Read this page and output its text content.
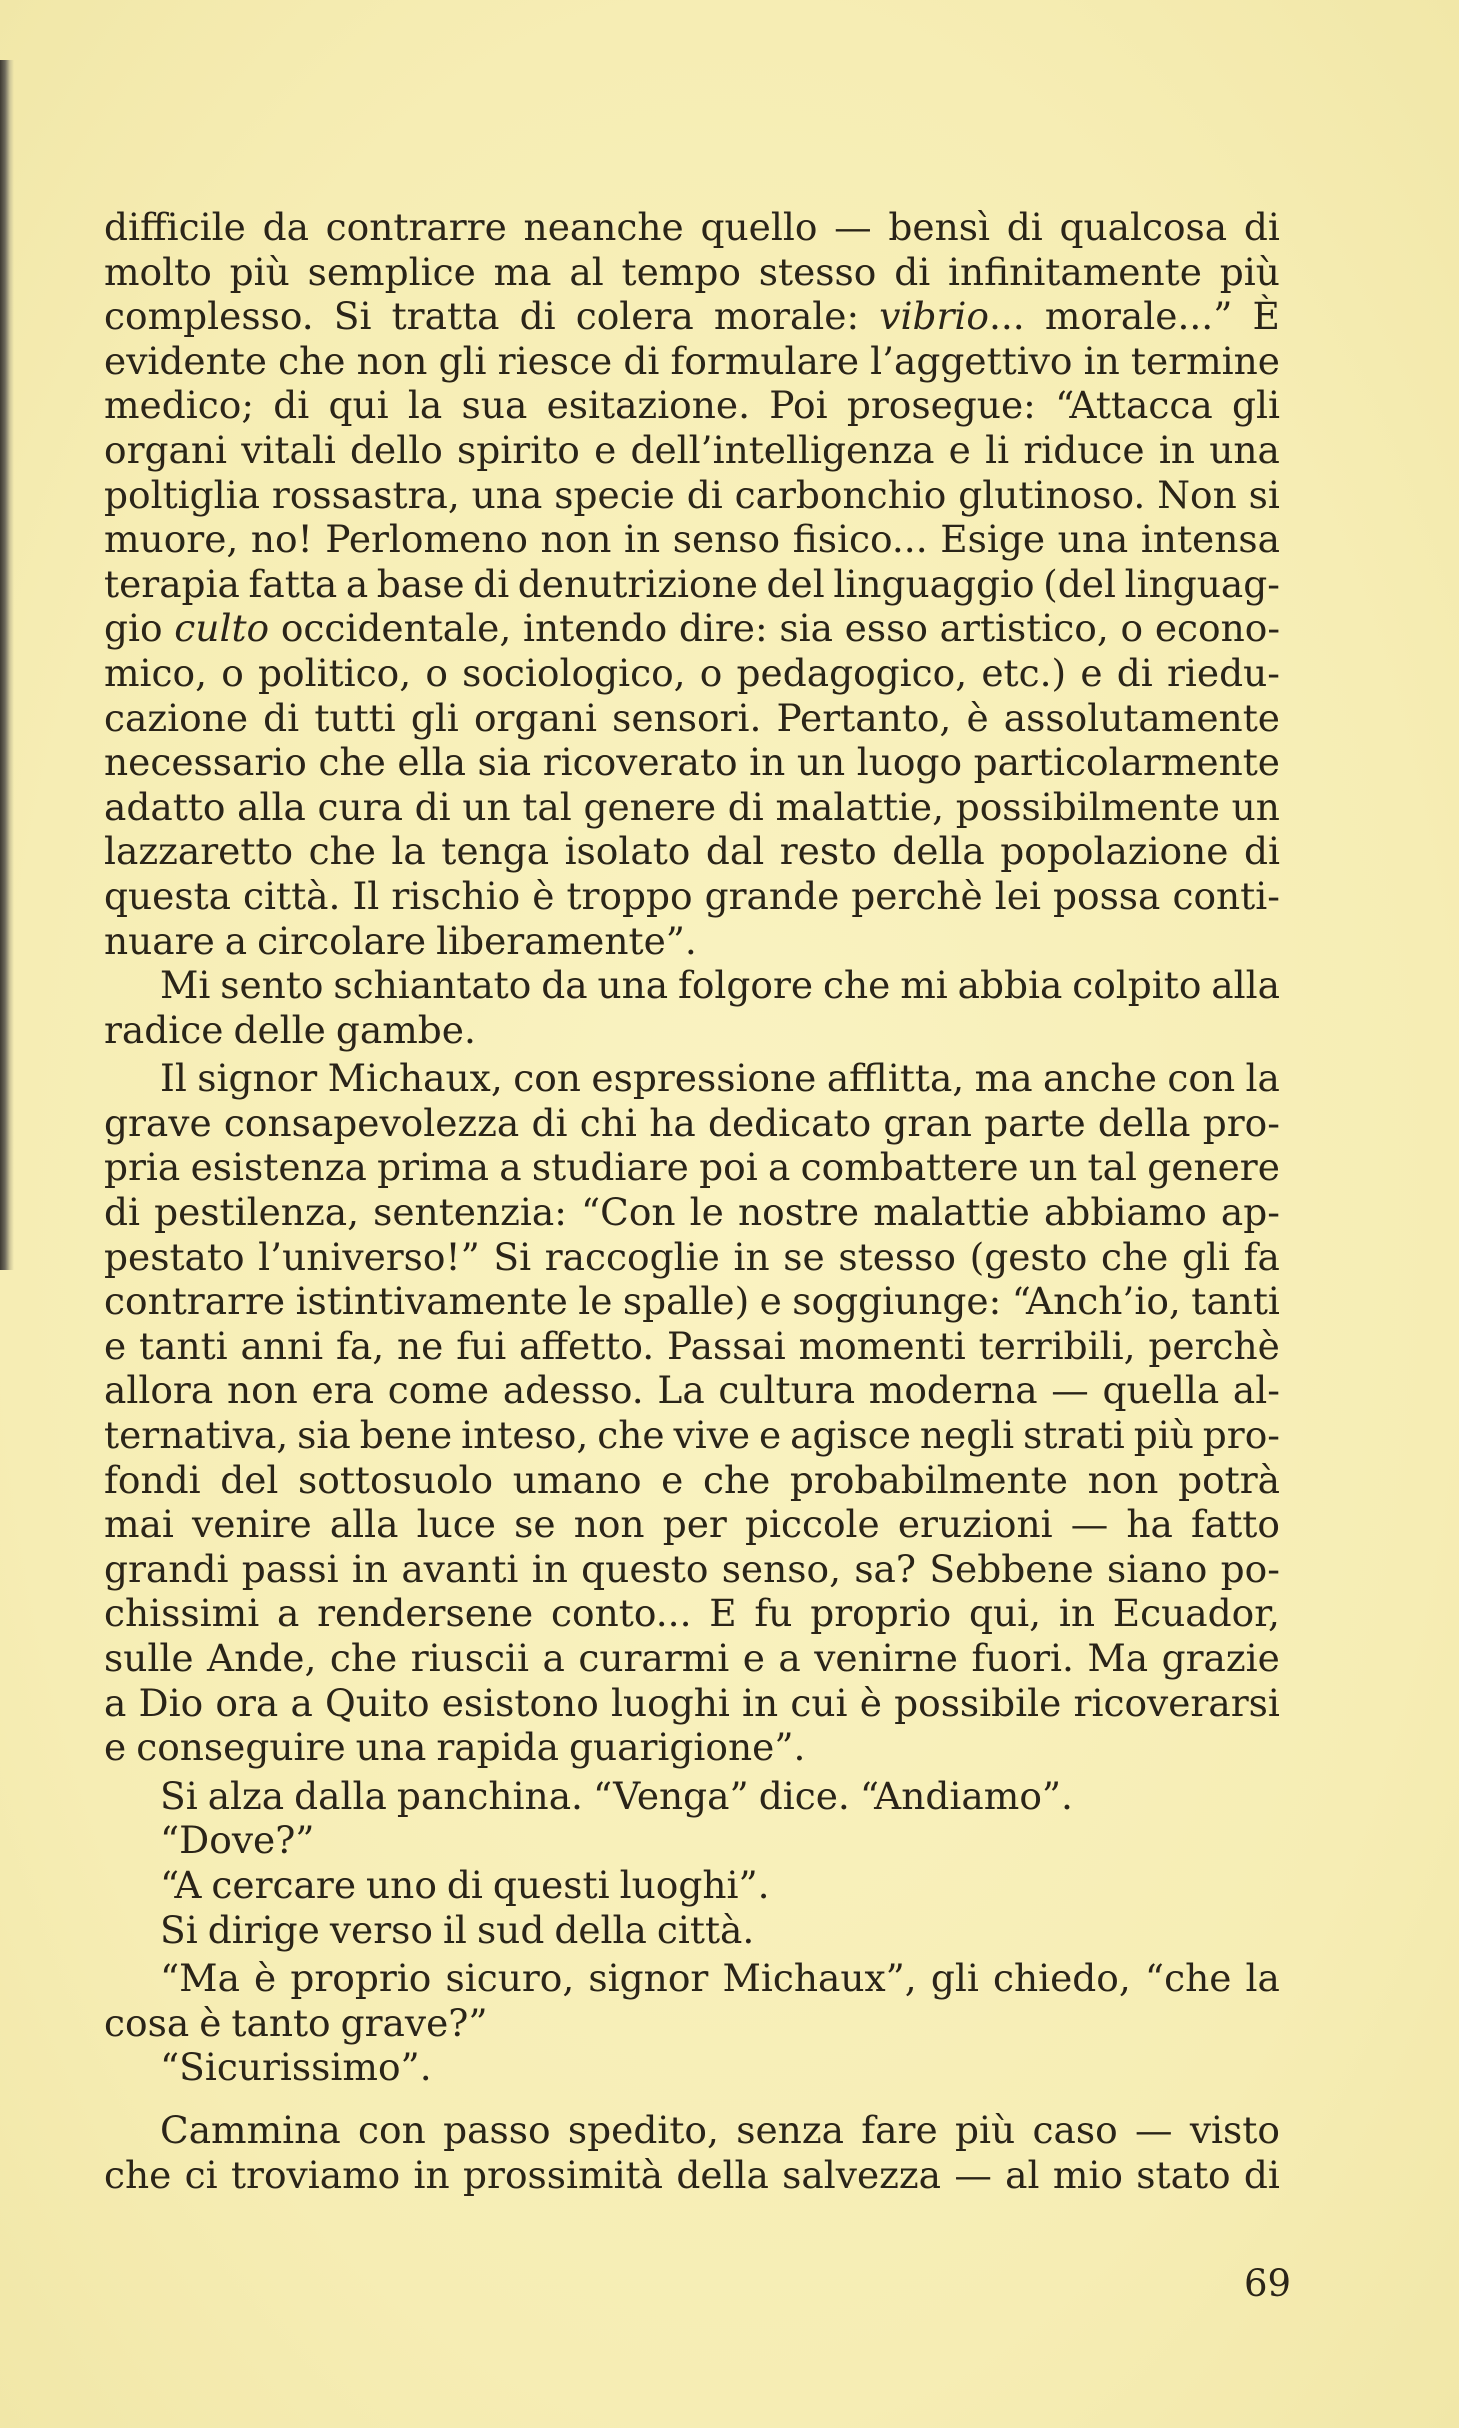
difficile da contrarre neanche quello — bensì di qualcosa di
molto più semplice ma al tempo stesso di infinitamente più
complesso. Si tratta di colera morale: vibrio... morale...” È
evidente che non gli riesce di formulare l’aggettivo in termine
medico; di qui la sua esitazione. Poi prosegue: “Attacca gli
organi vitali dello spirito e dell’intelligenza e li riduce in una
poltiglia rossastra, una specie di carbonchio glutinoso. Non si
muore, no! Perlomeno non in senso fisico... Esige una intensa
terapia fatta a base di denutrizione del linguaggio (del linguag-
gio culto occidentale, intendo dire: sia esso artistico, o econo-
mico, o politico, o sociologico, o pedagogico, etc.) e di riedu-
cazione di tutti gli organi sensori. Pertanto, è assolutamente
necessario che ella sia ricoverato in un luogo particolarmente
adatto alla cura di un tal genere di malattie, possibilmente un
lazzaretto che la tenga isolato dal resto della popolazione di
questa città. Il rischio è troppo grande perchè lei possa conti-
nuare a circolare liberamente”.
Mi sento schiantato da una folgore che mi abbia colpito alla
radice delle gambe.
Il signor Michaux, con espressione afflitta, ma anche con la
grave consapevolezza di chi ha dedicato gran parte della pro-
pria esistenza prima a studiare poi a combattere un tal genere
di pestilenza, sentenzia: “Con le nostre malattie abbiamo ap-
pestato l’universo!” Si raccoglie in se stesso (gesto che gli fa
contrarre istintivamente le spalle) e soggiunge: “Anch’io, tanti
e tanti anni fa, ne fui affetto. Passai momenti terribili, perchè
allora non era come adesso. La cultura moderna — quella al-
ternativa, sia bene inteso, che vive e agisce negli strati più pro-
fondi del sottosuolo umano e che probabilmente non potrà
mai venire alla luce se non per piccole eruzioni — ha fatto
grandi passi in avanti in questo senso, sa? Sebbene siano po-
chissimi a rendersene conto... E fu proprio qui, in Ecuador,
sulle Ande, che riuscii a curarmi e a venirne fuori. Ma grazie
a Dio ora a Quito esistono luoghi in cui è possibile ricoverarsi
e conseguire una rapida guarigione”.
Si alza dalla panchina. “Venga” dice. “Andiamo”.
“Dove?”
“A cercare uno di questi luoghi”.
Si dirige verso il sud della città.
“Ma è proprio sicuro, signor Michaux”, gli chiedo, “che la
cosa è tanto grave?”
“Sicurissimo”.
Cammina con passo spedito, senza fare più caso — visto
che ci troviamo in prossimità della salvezza — al mio stato di
69
